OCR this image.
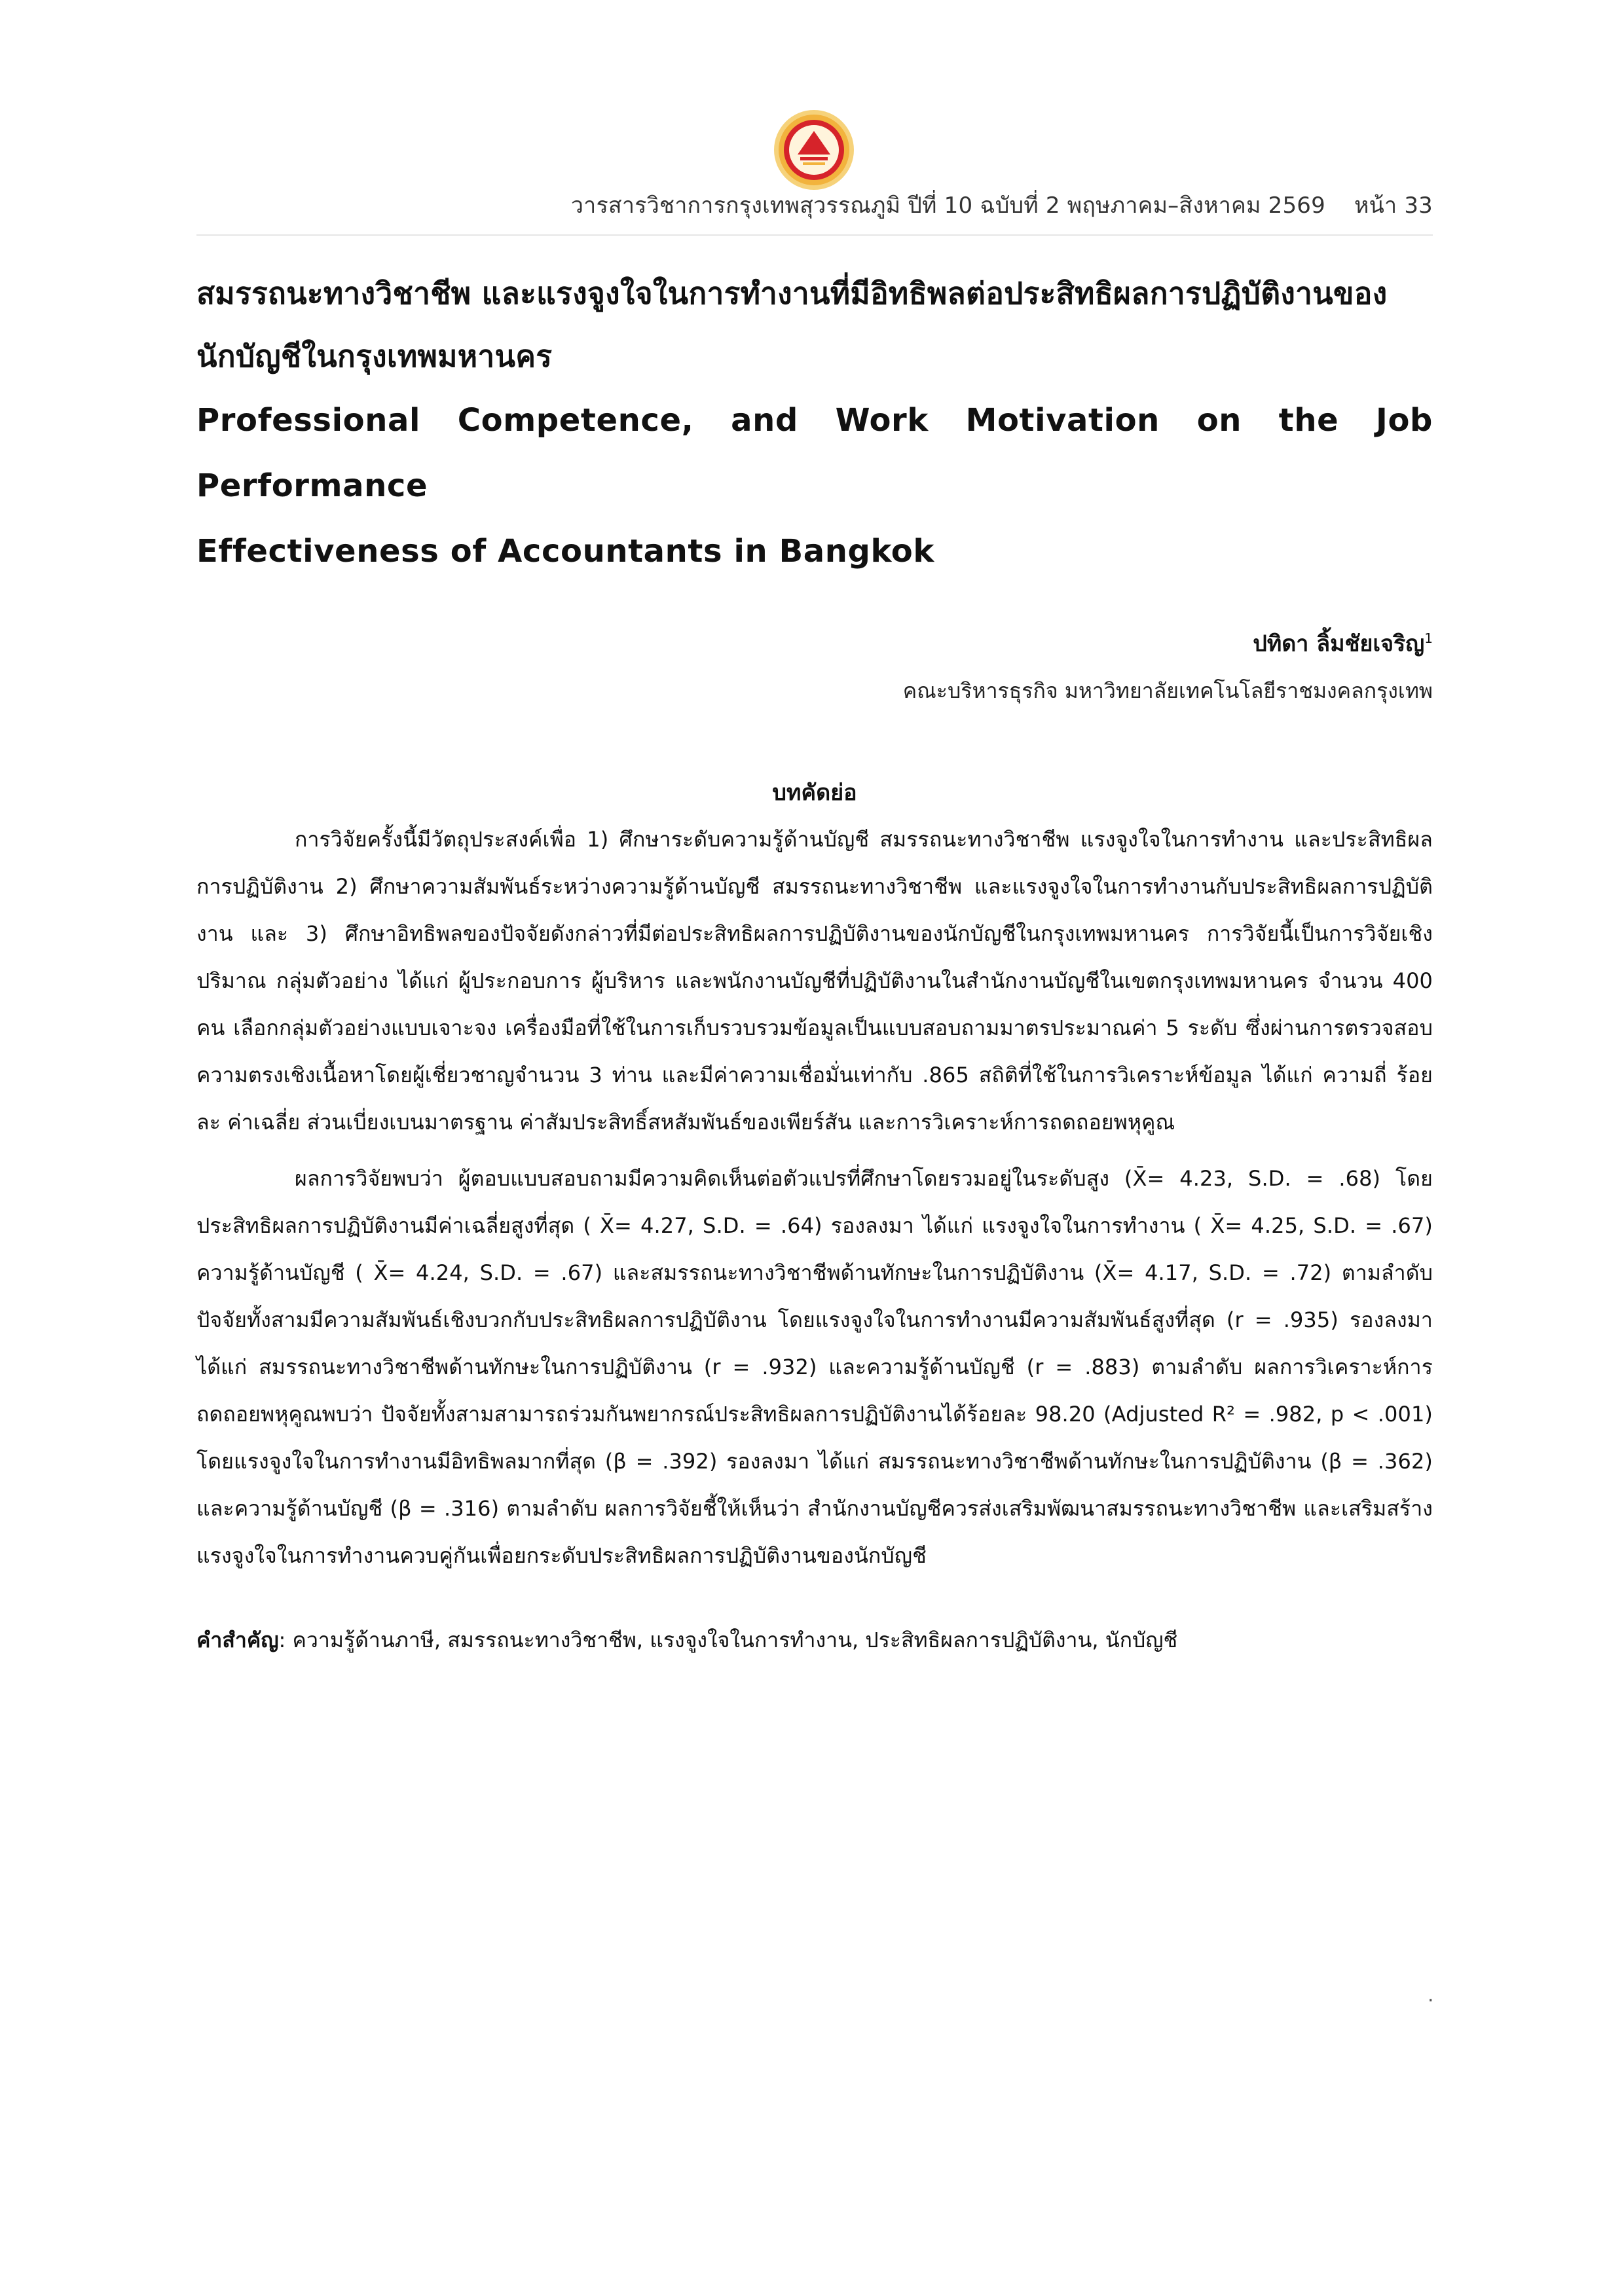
วารสารวิชาการกรุงเทพสุวรรณภูมิ ปีที่ 10 ฉบับที่ 2 พฤษภาคม–สิงหาคม 2569 หน้า 33

สมรรถนะทางวิชาชีพ และแรงจูงใจในการทำงานที่มีอิทธิพลต่อประสิทธิผลการปฏิบัติงานของ
นักบัญชีในกรุงเทพมหานคร

Professional Competence, and Work Motivation on the Job Performance

Effectiveness of Accountants in Bangkok

ปทิดา ลิ้มชัยเจริญ$^1$
คณะบริหารธุรกิจ มหาวิทยาลัยเทคโนโลยีราชมงคลกรุงเทพ
บทคัดย่อ

การวิจัยครั้งนี้มีวัตถุประสงค์เพื่อ 1) ศึกษาระดับความรู้ด้านบัญชี สมรรถนะทางวิชาชีพ แรงจูงใจในการทำงาน และประสิทธิผลการปฏิบัติงาน 2) ศึกษาความสัมพันธ์ระหว่างความรู้ด้านบัญชี สมรรถนะทางวิชาชีพ และแรงจูงใจในการทำงานกับประสิทธิผลการปฏิบัติงาน และ 3) ศึกษาอิทธิพลของปัจจัยดังกล่าวที่มีต่อประสิทธิผลการปฏิบัติงานของนักบัญชีในกรุงเทพมหานคร การวิจัยนี้เป็นการวิจัยเชิงปริมาณ กลุ่มตัวอย่าง ได้แก่ ผู้ประกอบการ ผู้บริหาร และพนักงานบัญชีที่ปฏิบัติงานในสำนักงานบัญชีในเขตกรุงเทพมหานคร จำนวน 400 คน เลือกกลุ่มตัวอย่างแบบเจาะจง เครื่องมือที่ใช้ในการเก็บรวบรวมข้อมูลเป็นแบบสอบถามมาตรประมาณค่า 5 ระดับ ซึ่งผ่านการตรวจสอบความตรงเชิงเนื้อหาโดยผู้เชี่ยวชาญจำนวน 3 ท่าน และมีค่าความเชื่อมั่นเท่ากับ .865 สถิติที่ใช้ในการวิเคราะห์ข้อมูล ได้แก่ ความถี่ ร้อยละ ค่าเฉลี่ย ส่วนเบี่ยงเบนมาตรฐาน ค่าสัมประสิทธิ์สหสัมพันธ์ของเพียร์สัน และการวิเคราะห์การถดถอยพหุคูณ

ผลการวิจัยพบว่า ผู้ตอบแบบสอบถามมีความคิดเห็นต่อตัวแปรที่ศึกษาโดยรวมอยู่ในระดับสูง (X̄= 4.23, S.D. = .68) โดยประสิทธิผลการปฏิบัติงานมีค่าเฉลี่ยสูงที่สุด ( X̄= 4.27, S.D. = .64) รองลงมา ได้แก่ แรงจูงใจในการทำงาน ( X̄= 4.25, S.D. = .67) ความรู้ด้านบัญชี ( X̄= 4.24, S.D. = .67) และสมรรถนะทางวิชาชีพด้านทักษะในการปฏิบัติงาน (X̄= 4.17, S.D. = .72) ตามลำดับ ปัจจัยทั้งสามมีความสัมพันธ์เชิงบวกกับประสิทธิผลการปฏิบัติงาน โดยแรงจูงใจในการทำงานมีความสัมพันธ์สูงที่สุด (r = .935) รองลงมา ได้แก่ สมรรถนะทางวิชาชีพด้านทักษะในการปฏิบัติงาน (r = .932) และความรู้ด้านบัญชี (r = .883) ตามลำดับ ผลการวิเคราะห์การถดถอยพหุคูณพบว่า ปัจจัยทั้งสามสามารถร่วมกันพยากรณ์ประสิทธิผลการปฏิบัติงานได้ร้อยละ 98.20 (Adjusted R² = .982, p < .001) โดยแรงจูงใจในการทำงานมีอิทธิพลมากที่สุด (β = .392) รองลงมา ได้แก่ สมรรถนะทางวิชาชีพด้านทักษะในการปฏิบัติงาน (β = .362) และความรู้ด้านบัญชี (β = .316) ตามลำดับ ผลการวิจัยชี้ให้เห็นว่า สำนักงานบัญชีควรส่งเสริมพัฒนาสมรรถนะทางวิชาชีพ และเสริมสร้างแรงจูงใจในการทำงานควบคู่กันเพื่อยกระดับประสิทธิผลการปฏิบัติงานของนักบัญชี

คำสำคัญ: ความรู้ด้านภาษี, สมรรถนะทางวิชาชีพ, แรงจูงใจในการทำงาน, ประสิทธิผลการปฏิบัติงาน, นักบัญชี
.
